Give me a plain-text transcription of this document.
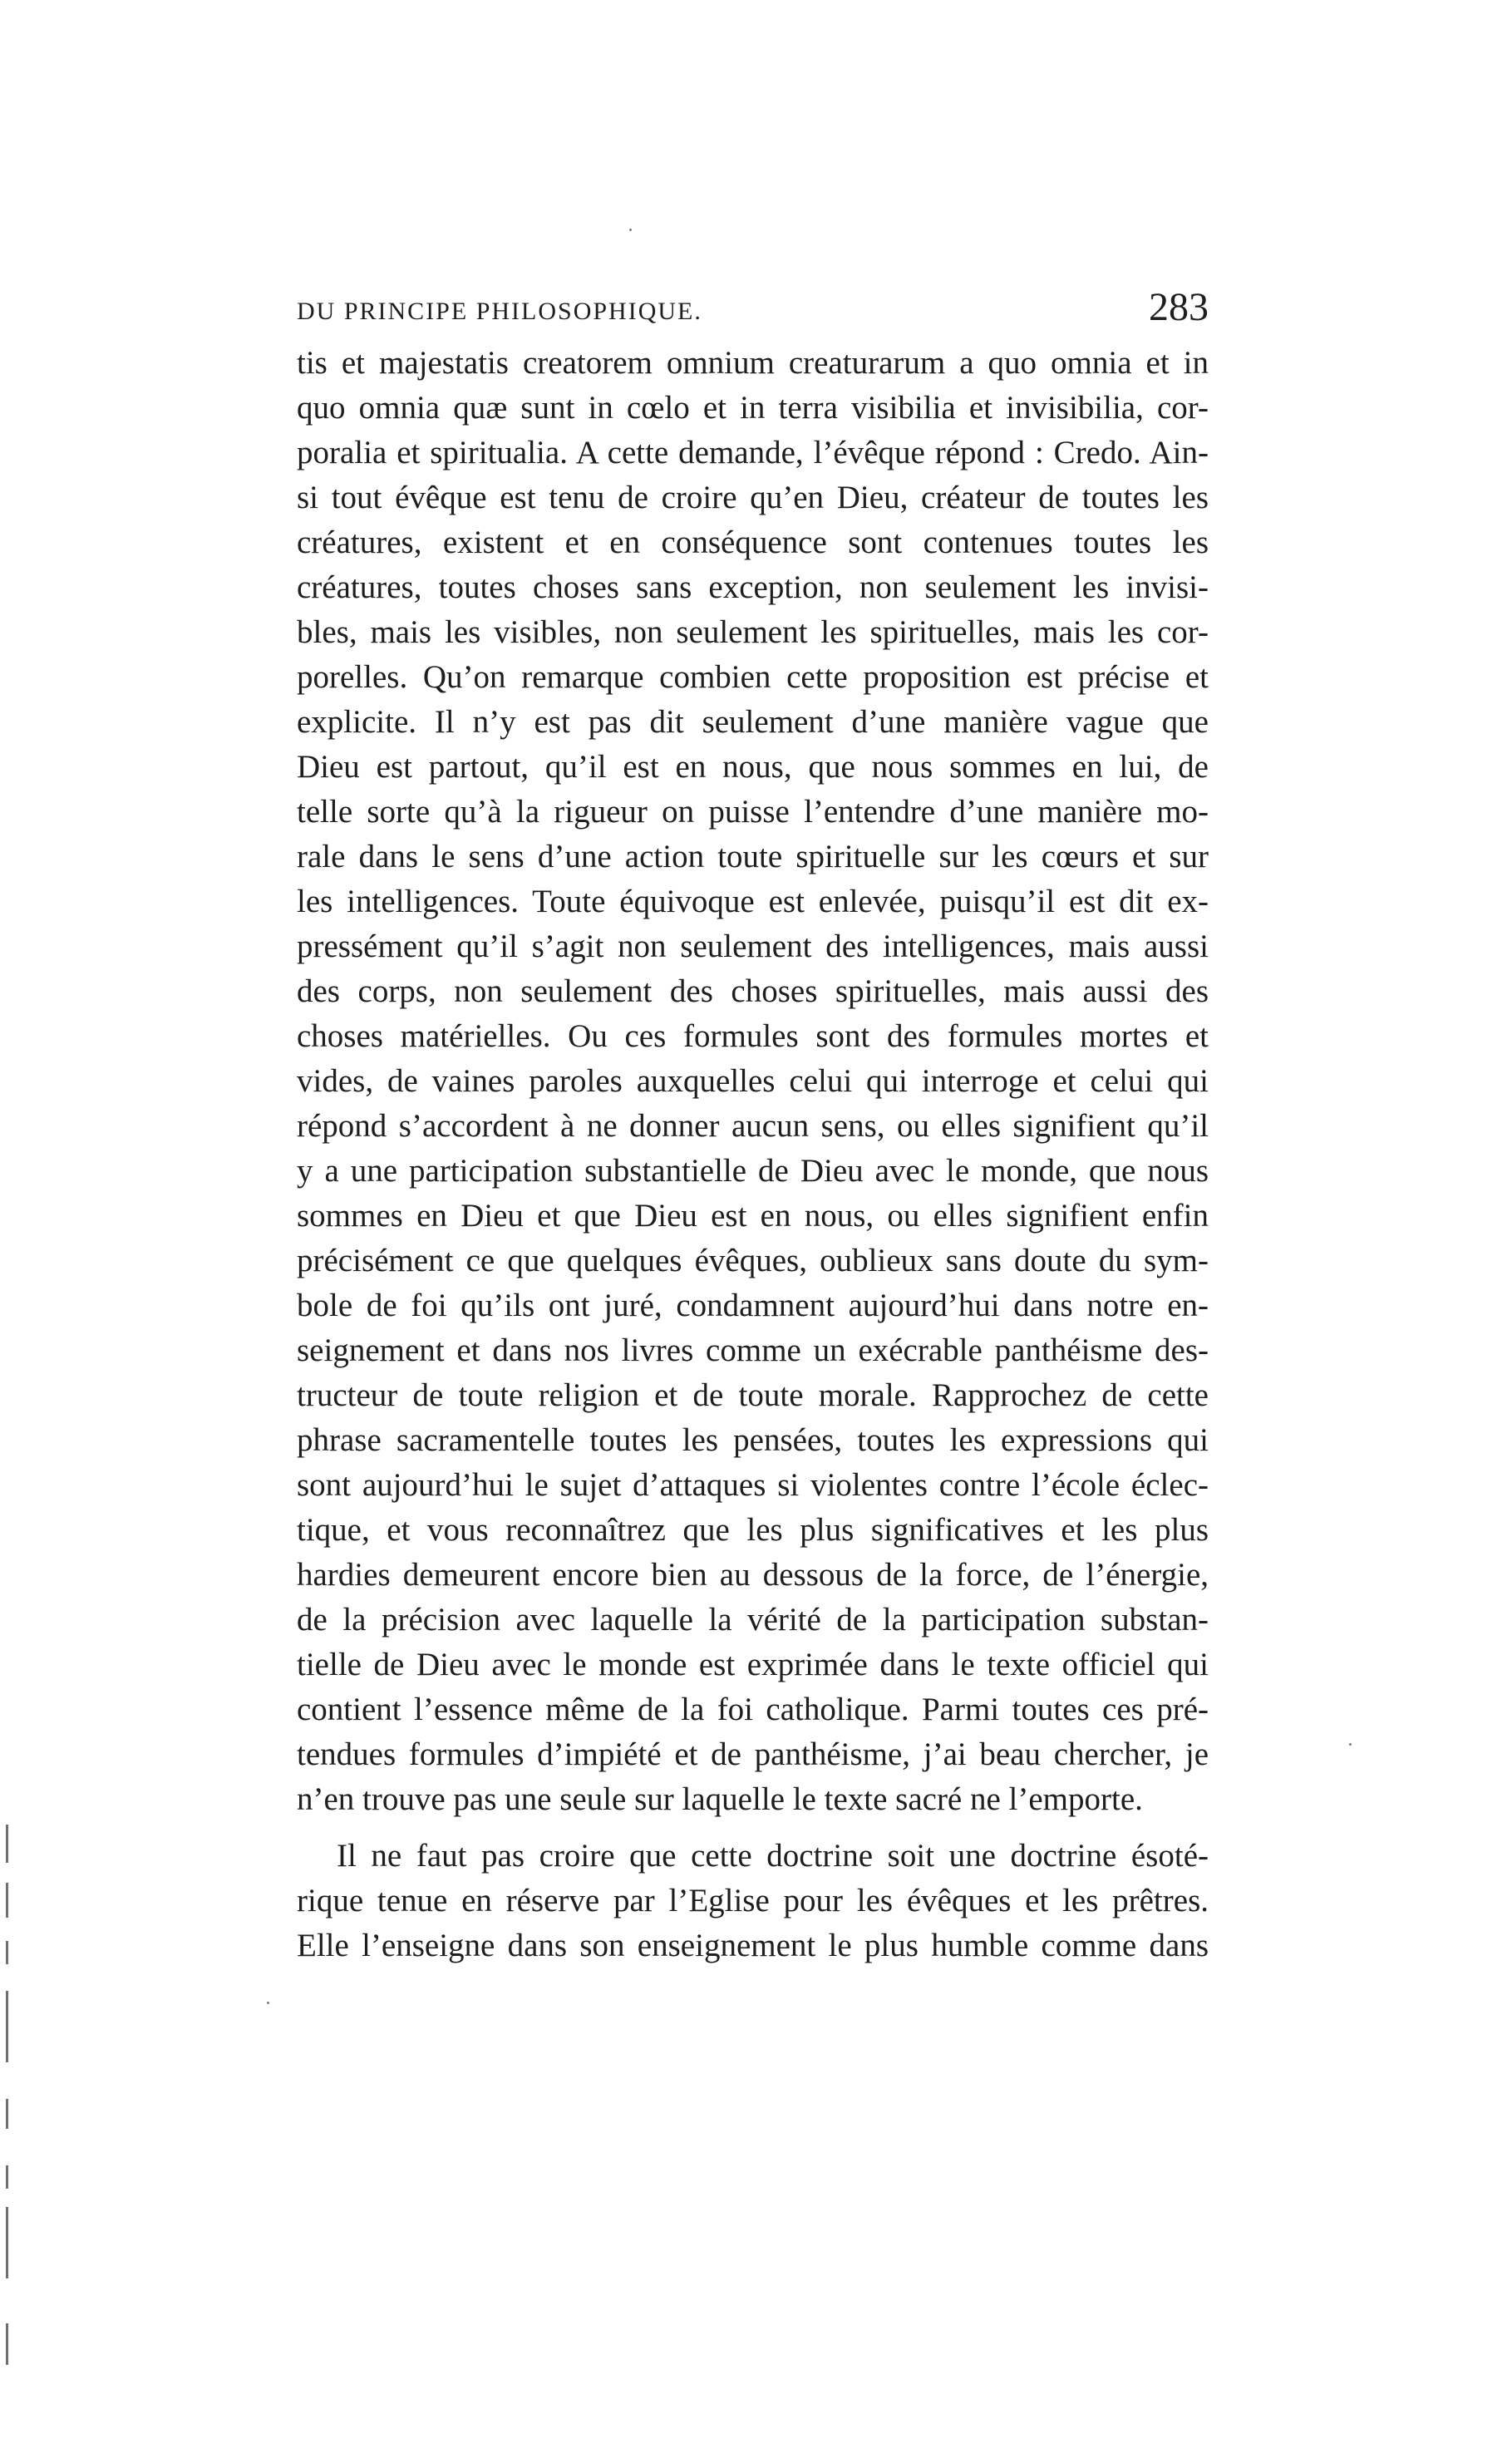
DU PRINCIPE PHILOSOPHIQUE.	283
tis et majestatis creatorem omnium creaturarum a quo omnia et in
quo omnia quæ sunt in cœlo et in terra visibilia et invisibilia, cor-
poralia et spiritualia. A cette demande, l’évêque répond : Credo. Ain-
si tout évêque est tenu de croire qu’en Dieu, créateur de toutes les
créatures, existent et en conséquence sont contenues toutes les
créatures, toutes choses sans exception, non seulement les invisi-
bles, mais les visibles, non seulement les spirituelles, mais les cor-
porelles. Qu’on remarque combien cette proposition est précise et
explicite. Il n’y est pas dit seulement d’une manière vague que
Dieu est partout, qu’il est en nous, que nous sommes en lui, de
telle sorte qu’à la rigueur on puisse l’entendre d’une manière mo-
rale dans le sens d’une action toute spirituelle sur les cœurs et sur
les intelligences. Toute équivoque est enlevée, puisqu’il est dit ex-
pressément qu’il s’agit non seulement des intelligences, mais aussi
des corps, non seulement des choses spirituelles, mais aussi des
choses matérielles. Ou ces formules sont des formules mortes et
vides, de vaines paroles auxquelles celui qui interroge et celui qui
répond s’accordent à ne donner aucun sens, ou elles signifient qu’il
y a une participation substantielle de Dieu avec le monde, que nous
sommes en Dieu et que Dieu est en nous, ou elles signifient enfin
précisément ce que quelques évêques, oublieux sans doute du sym-
bole de foi qu’ils ont juré, condamnent aujourd’hui dans notre en-
seignement et dans nos livres comme un exécrable panthéisme des-
tructeur de toute religion et de toute morale. Rapprochez de cette
phrase sacramentelle toutes les pensées, toutes les expressions qui
sont aujourd’hui le sujet d’attaques si violentes contre l’école éclec-
tique, et vous reconnaîtrez que les plus significatives et les plus
hardies demeurent encore bien au dessous de la force, de l’énergie,
de la précision avec laquelle la vérité de la participation substan-
tielle de Dieu avec le monde est exprimée dans le texte officiel qui
contient l’essence même de la foi catholique. Parmi toutes ces pré-
tendues formules d’impiété et de panthéisme, j’ai beau chercher, je
n’en trouve pas une seule sur laquelle le texte sacré ne l’emporte.
Il ne faut pas croire que cette doctrine soit une doctrine ésoté-
rique tenue en réserve par l’Eglise pour les évêques et les prêtres.
Elle l’enseigne dans son enseignement le plus humble comme dans
